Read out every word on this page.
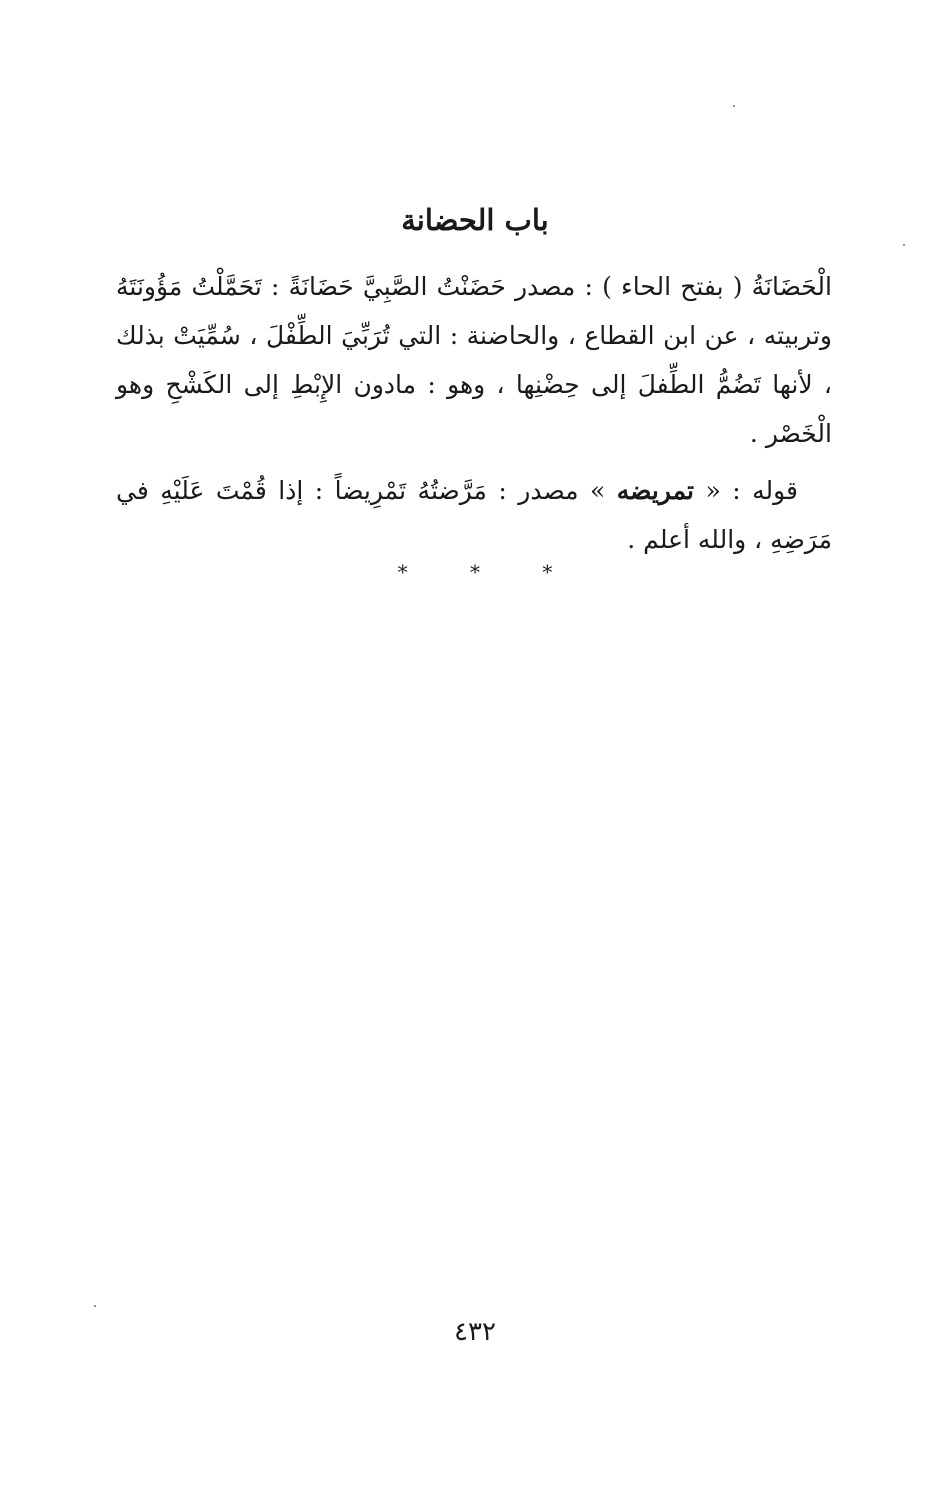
باب الحضانة

الْحَضَانَةُ ( بفتح الحاء ) : مصدر حَضَنْتُ الصَّبِيَّ حَضَانَةً : تَحَمَّلْتُ مَؤُونَتَهُ وتربيته ، عن ابن القطاع ، والحاضنة : التي تُرَبِّيَ الطِّفْلَ ، سُمِّيَتْ بذلك ، لأنها تَضُمُّ الطِّفلَ إلى حِضْنِها ، وهو : مادون الإِبْطِ إلى الكَشْحِ وهو الْخَصْر .

قوله : « تمريضه » مصدر : مَرَّضتُهُ تَمْرِيضاً : إذا قُمْتَ عَلَيْهِ في مَرَضِهِ ، والله أعلم .

* * *
٤٣٢
